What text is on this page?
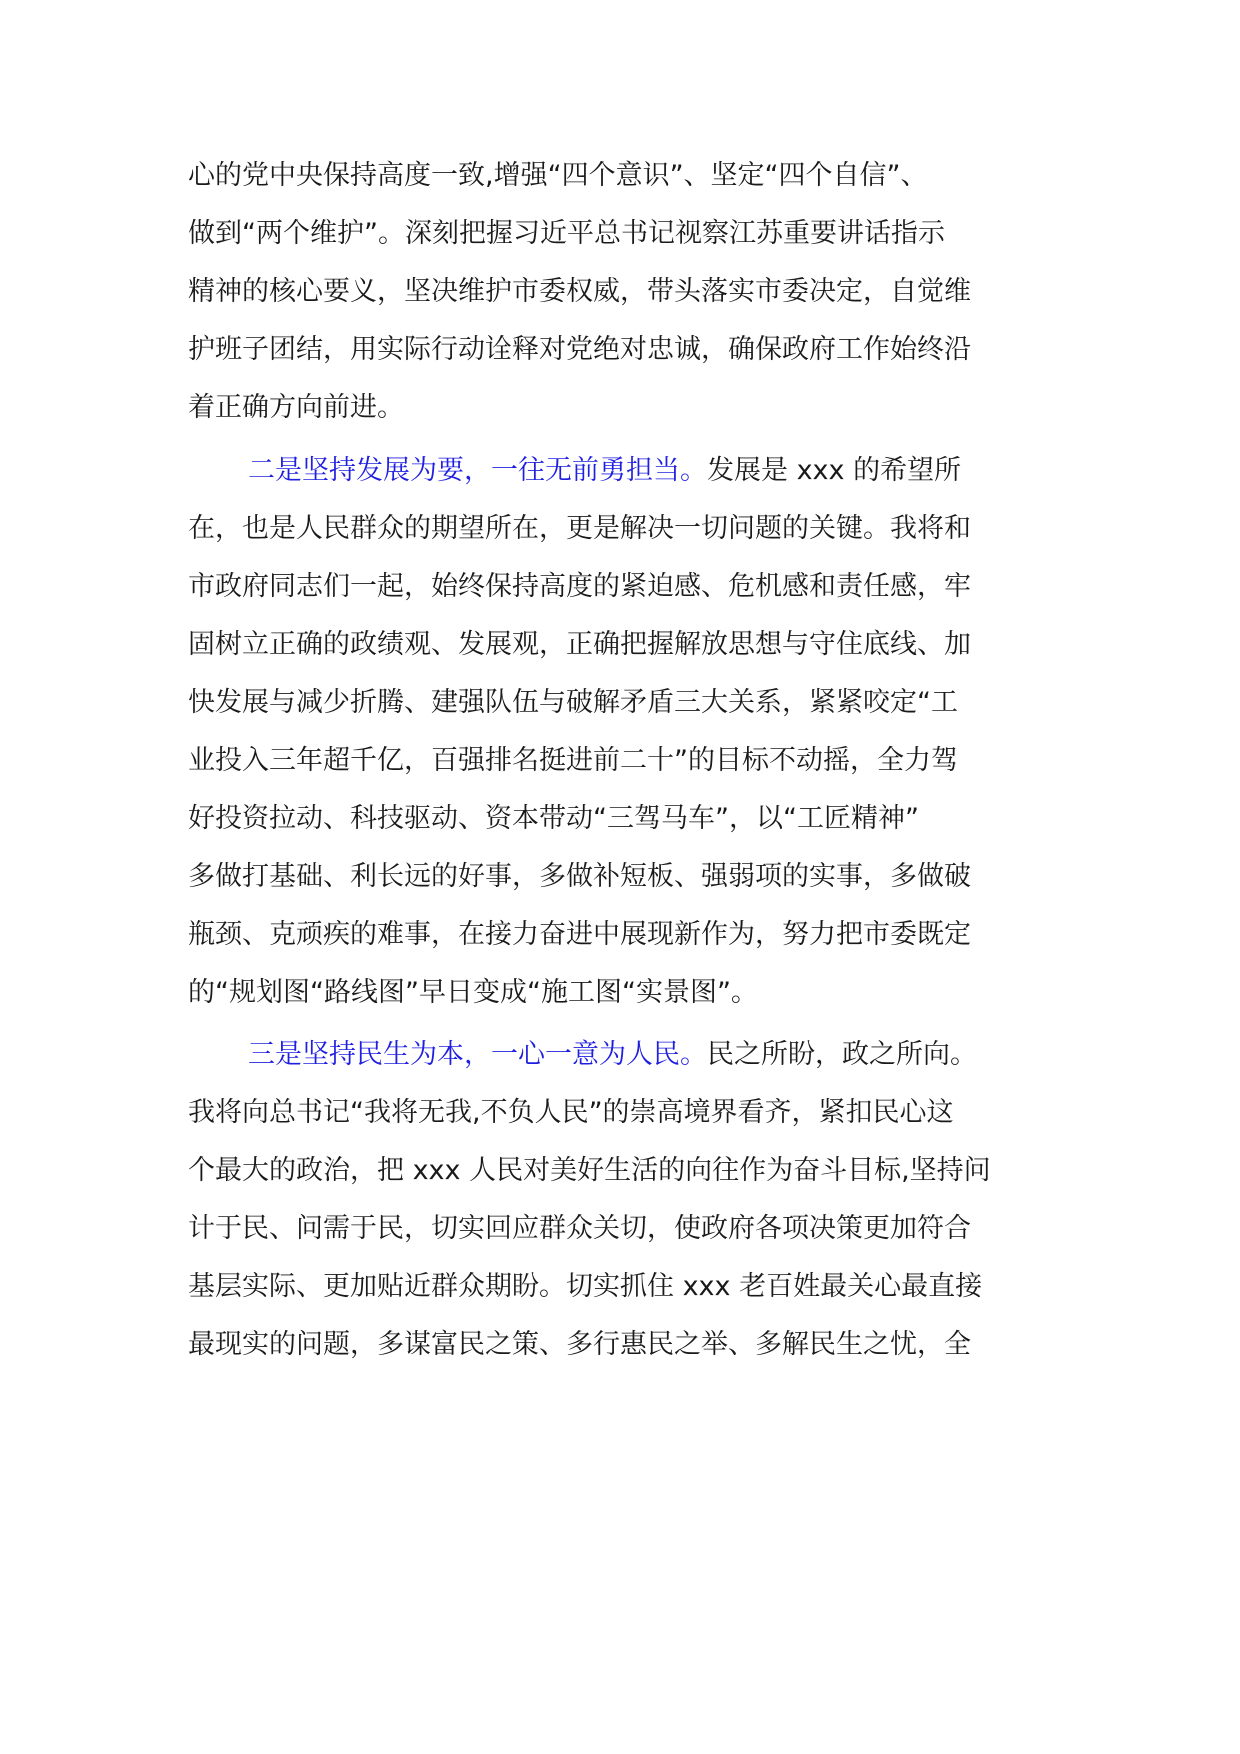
心的党中央保持高度一致,增强“四个意识”、坚定“四个自信”、
做到“两个维护”。深刻把握习近平总书记视察江苏重要讲话指示
精神的核心要义，坚决维护市委权威，带头落实市委决定，自觉维
护班子团结，用实际行动诠释对党绝对忠诚，确保政府工作始终沿
着正确方向前进。
二是坚持发展为要，一往无前勇担当。发展是 xxx 的希望所
在，也是人民群众的期望所在，更是解决一切问题的关键。我将和
市政府同志们一起，始终保持高度的紧迫感、危机感和责任感，牢
固树立正确的政绩观、发展观，正确把握解放思想与守住底线、加
快发展与减少折腾、建强队伍与破解矛盾三大关系，紧紧咬定“工
业投入三年超千亿，百强排名挺进前二十”的目标不动摇，全力驾
好投资拉动、科技驱动、资本带动“三驾马车”，以“工匠精神”
多做打基础、利长远的好事，多做补短板、强弱项的实事，多做破
瓶颈、克顽疾的难事，在接力奋进中展现新作为，努力把市委既定
的“规划图“路线图”早日变成“施工图“实景图”。
三是坚持民生为本，一心一意为人民。民之所盼，政之所向。
我将向总书记“我将无我,不负人民”的崇高境界看齐，紧扣民心这
个最大的政治，把 xxx 人民对美好生活的向往作为奋斗目标,坚持问
计于民、问需于民，切实回应群众关切，使政府各项决策更加符合
基层实际、更加贴近群众期盼。切实抓住 xxx 老百姓最关心最直接
最现实的问题，多谋富民之策、多行惠民之举、多解民生之忧，全
